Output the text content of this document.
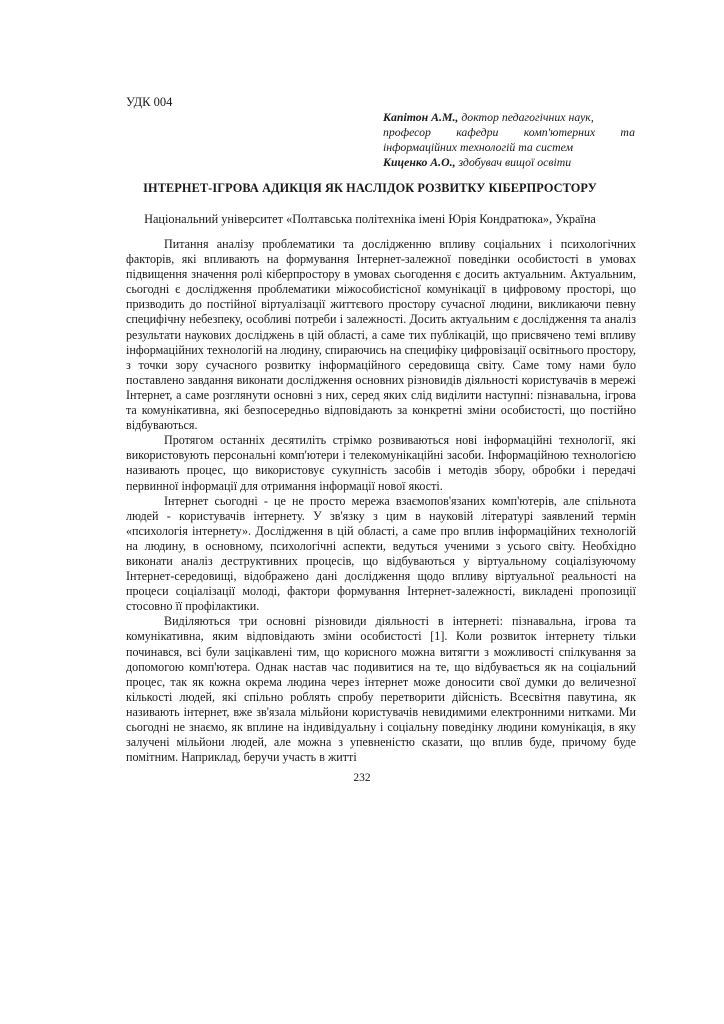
УДК 004
Капітон А.М., доктор педагогічних наук,
професор кафедри комп'ютерних та
інформаційних технологій та систем
Киценко А.О., здобувач вищої освіти
ІНТЕРНЕТ-ІГРОВА АДИКЦІЯ ЯК НАСЛІДОК РОЗВИТКУ КІБЕРПРОСТОРУ
Національний університет «Полтавська політехніка імені Юрія Кондратюка», Україна

Питання аналізу проблематики та дослідженню впливу соціальних і психологічних факторів, які впливають на формування Інтернет-залежної поведінки особистості в умовах підвищення значення ролі кіберпростору в умовах сьогодення є досить актуальним. Актуальним, сьогодні є дослідження проблематики міжособистісної комунікації в цифровому просторі, що призводить до постійної віртуалізації життєвого простору сучасної людини, викликаючи певну специфічну небезпеку, особливі потреби і залежності. Досить актуальним є дослідження та аналіз результати наукових досліджень в цій області, а саме тих публікацій, що присвячено темі впливу інформаційних технологій на людину, спираючись на специфіку цифровізації освітнього простору, з точки зору сучасного розвитку інформаційного середовища світу. Саме тому нами було поставлено завдання виконати дослідження основних різновидів діяльності користувачів в мережі Інтернет, а саме розглянути основні з них, серед яких слід виділити наступні: пізнавальна, ігрова та комунікативна, які безпосередньо відповідають за конкретні зміни особистості, що постійно відбуваються.

Протягом останніх десятиліть стрімко розвиваються нові інформаційні технології, які використовують персональні комп'ютери і телекомунікаційні засоби. Інформаційною технологією називають процес, що використовує сукупність засобів і методів збору, обробки і передачі первинної інформації для отримання інформації нової якості.

Інтернет сьогодні - це не просто мережа взаємопов'язаних комп'ютерів, але спільнота людей - користувачів інтернету. У зв'язку з цим в науковій літературі заявлений термін «психологія інтернету». Дослідження в цій області, а саме про вплив інформаційних технологій на людину, в основному, психологічні аспекти, ведуться ученими з усього світу. Необхідно виконати аналіз деструктивних процесів, що відбуваються у віртуальному соціалізуючому Інтернет-середовищі, відображено дані дослідження щодо впливу віртуальної реальності на процеси соціалізації молоді, фактори формування Інтернет-залежності, викладені пропозиції стосовно її профілактики.

Виділяються три основні різновиди діяльності в інтернеті: пізнавальна, ігрова та комунікативна, яким відповідають зміни особистості [1]. Коли розвиток інтернету тільки починався, всі були зацікавлені тим, що корисного можна витягти з можливості спілкування за допомогою комп'ютера. Однак настав час подивитися на те, що відбувається як на соціальний процес, так як кожна окрема людина через інтернет може доносити свої думки до величезної кількості людей, які спільно роблять спробу перетворити дійсність. Всесвітня павутина, як називають інтернет, вже зв'язала мільйони користувачів невидимими електронними нитками. Ми сьогодні не знаємо, як вплине на індивідуальну і соціальну поведінку людини комунікація, в яку залучені мільйони людей, але можна з упевненістю сказати, що вплив буде, причому буде помітним. Наприклад, беручи участь в житті

232
